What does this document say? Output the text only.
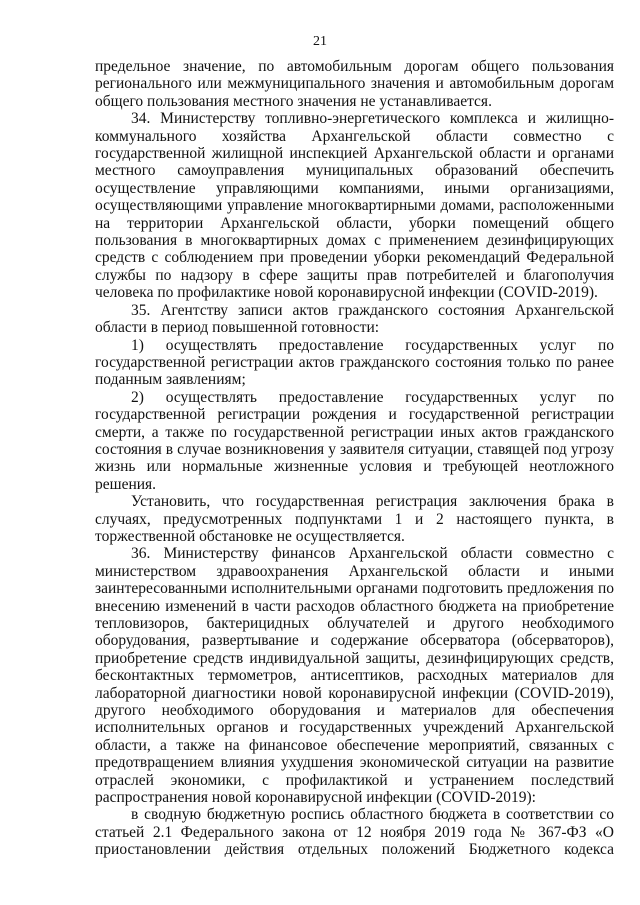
21

предельное значение, по автомобильным дорогам общего пользования регионального или межмуниципального значения и автомобильным дорогам общего пользования местного значения не устанавливается.

34. Министерству топливно-энергетического комплекса и жилищно-коммунального хозяйства Архангельской области совместно с государственной жилищной инспекцией Архангельской области и органами местного самоуправления муниципальных образований обеспечить осуществление управляющими компаниями, иными организациями, осуществляющими управление многоквартирными домами, расположенными на территории Архангельской области, уборки помещений общего пользования в многоквартирных домах с применением дезинфицирующих средств с соблюдением при проведении уборки рекомендаций Федеральной службы по надзору в сфере защиты прав потребителей и благополучия человека по профилактике новой коронавирусной инфекции (COVID-2019).

35. Агентству записи актов гражданского состояния Архангельской области в период повышенной готовности:

1) осуществлять предоставление государственных услуг по государственной регистрации актов гражданского состояния только по ранее поданным заявлениям;

2) осуществлять предоставление государственных услуг по государственной регистрации рождения и государственной регистрации смерти, а также по государственной регистрации иных актов гражданского состояния в случае возникновения у заявителя ситуации, ставящей под угрозу жизнь или нормальные жизненные условия и требующей неотложного решения.

Установить, что государственная регистрация заключения брака в случаях, предусмотренных подпунктами 1 и 2 настоящего пункта, в торжественной обстановке не осуществляется.

36. Министерству финансов Архангельской области совместно с министерством здравоохранения Архангельской области и иными заинтересованными исполнительными органами подготовить предложения по внесению изменений в части расходов областного бюджета на приобретение тепловизоров, бактерицидных облучателей и другого необходимого оборудования, развертывание и содержание обсерватора (обсерваторов), приобретение средств индивидуальной защиты, дезинфицирующих средств, бесконтактных термометров, антисептиков, расходных материалов для лабораторной диагностики новой коронавирусной инфекции (COVID-2019), другого необходимого оборудования и материалов для обеспечения исполнительных органов и государственных учреждений Архангельской области, а также на финансовое обеспечение мероприятий, связанных с предотвращением влияния ухудшения экономической ситуации на развитие отраслей экономики, с профилактикой и устранением последствий распространения новой коронавирусной инфекции (COVID-2019):

в сводную бюджетную роспись областного бюджета в соответствии со статьей 2.1 Федерального закона от 12 ноября 2019 года № 367-ФЗ «О приостановлении действия отдельных положений Бюджетного кодекса
